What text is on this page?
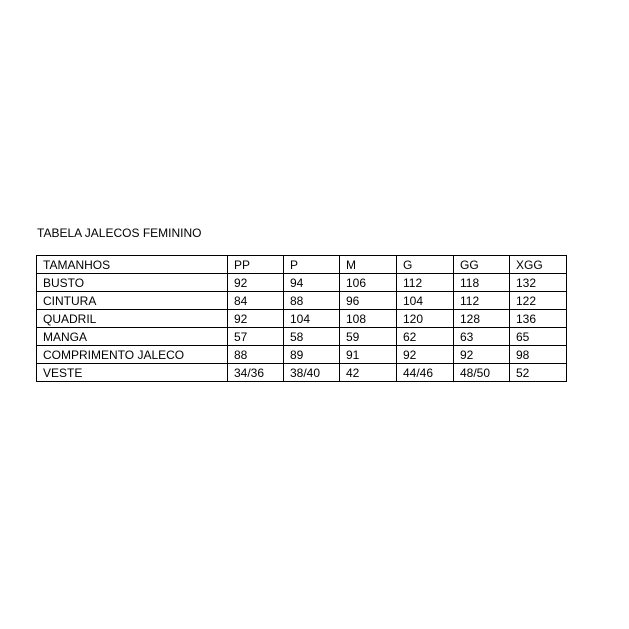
TABELA JALECOS FEMININO
TAMANHOS	PP	P	M	G	GG	XGG
BUSTO	92	94	106	112	118	132
CINTURA	84	88	96	104	112	122
QUADRIL	92	104	108	120	128	136
MANGA	57	58	59	62	63	65
COMPRIMENTO JALECO	88	89	91	92	92	98
VESTE	34/36	38/40	42	44/46	48/50	52
